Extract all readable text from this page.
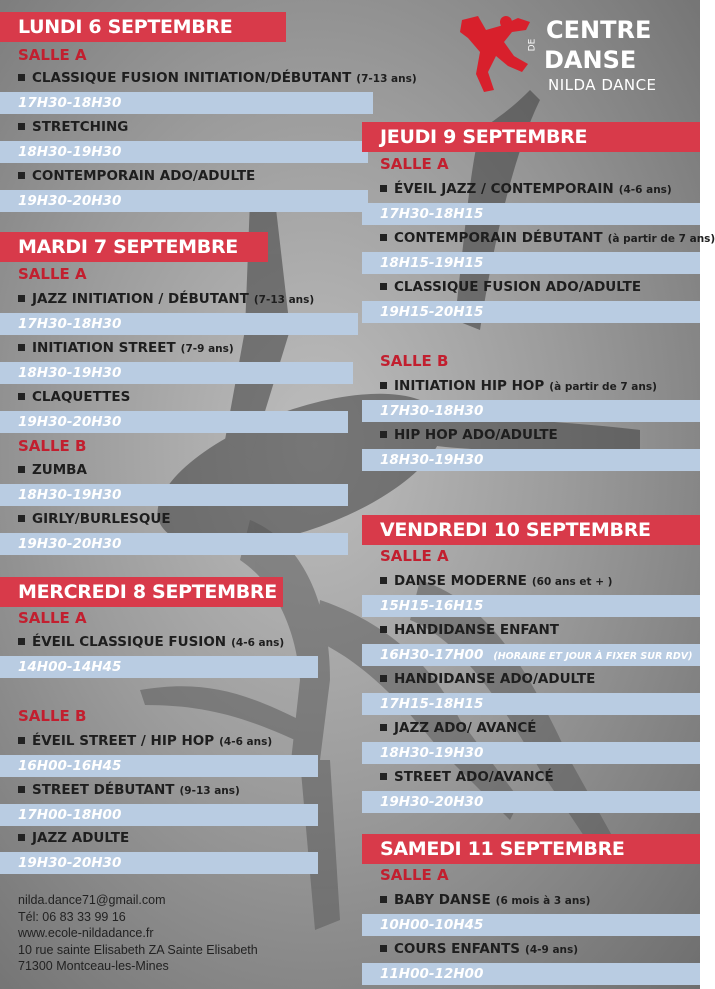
CENTRE
DE
DANSE
NILDA DANCE
LUNDI 6 SEPTEMBRE
SALLE A
CLASSIQUE FUSION INITIATION/DÉBUTANT (7-13 ans)
17H30-18H30
STRETCHING
18H30-19H30
CONTEMPORAIN ADO/ADULTE
19H30-20H30
MARDI 7 SEPTEMBRE
SALLE A
JAZZ INITIATION / DÉBUTANT (7-13 ans)
17H30-18H30
INITIATION STREET (7-9 ans)
18H30-19H30
CLAQUETTES
19H30-20H30
SALLE B
ZUMBA
18H30-19H30
GIRLY/BURLESQUE
19H30-20H30
MERCREDI 8 SEPTEMBRE
SALLE A
ÉVEIL CLASSIQUE FUSION (4-6 ans)
14H00-14H45
SALLE B
ÉVEIL STREET / HIP HOP (4-6 ans)
16H00-16H45
STREET DÉBUTANT (9-13 ans)
17H00-18H00
JAZZ ADULTE
19H30-20H30
JEUDI 9 SEPTEMBRE
SALLE A
ÉVEIL JAZZ / CONTEMPORAIN (4-6 ans)
17H30-18H15
CONTEMPORAIN DÉBUTANT (à partir de 7 ans)
18H15-19H15
CLASSIQUE FUSION ADO/ADULTE
19H15-20H15
SALLE B
INITIATION HIP HOP (à partir de 7 ans)
17H30-18H30
HIP HOP ADO/ADULTE
18H30-19H30
VENDREDI 10 SEPTEMBRE
SALLE A
DANSE MODERNE (60 ans et + )
15H15-16H15
HANDIDANSE ENFANT
16H30-17H00 (HORAIRE ET JOUR À FIXER SUR RDV)
HANDIDANSE ADO/ADULTE
17H15-18H15
JAZZ ADO/ AVANCÉ
18H30-19H30
STREET ADO/AVANCÉ
19H30-20H30
SAMEDI 11 SEPTEMBRE
SALLE A
BABY DANSE (6 mois à 3 ans)
10H00-10H45
COURS ENFANTS (4-9 ans)
11H00-12H00
nilda.dance71@gmail.com
Tél: 06 83 33 99 16
www.ecole-nildadance.fr
10 rue sainte Elisabeth ZA Sainte Elisabeth
71300 Montceau-les-Mines
